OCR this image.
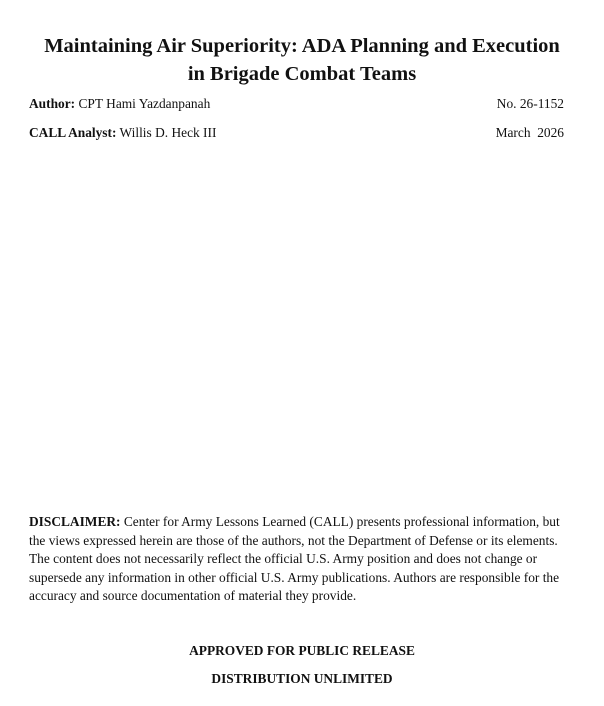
Maintaining Air Superiority: ADA Planning and Execution
in Brigade Combat Teams
Author: CPT Hami Yazdanpanah	No. 26-1152
CALL Analyst: Willis D. Heck III	March  2026

DISCLAIMER: Center for Army Lessons Learned (CALL) presents professional information, but the views expressed herein are those of the authors, not the Department of Defense or its elements. The content does not necessarily reflect the official U.S. Army position and does not change or supersede any information in other official U.S. Army publications. Authors are responsible for the accuracy and source documentation of material they provide.

APPROVED FOR PUBLIC RELEASE
DISTRIBUTION UNLIMITED
